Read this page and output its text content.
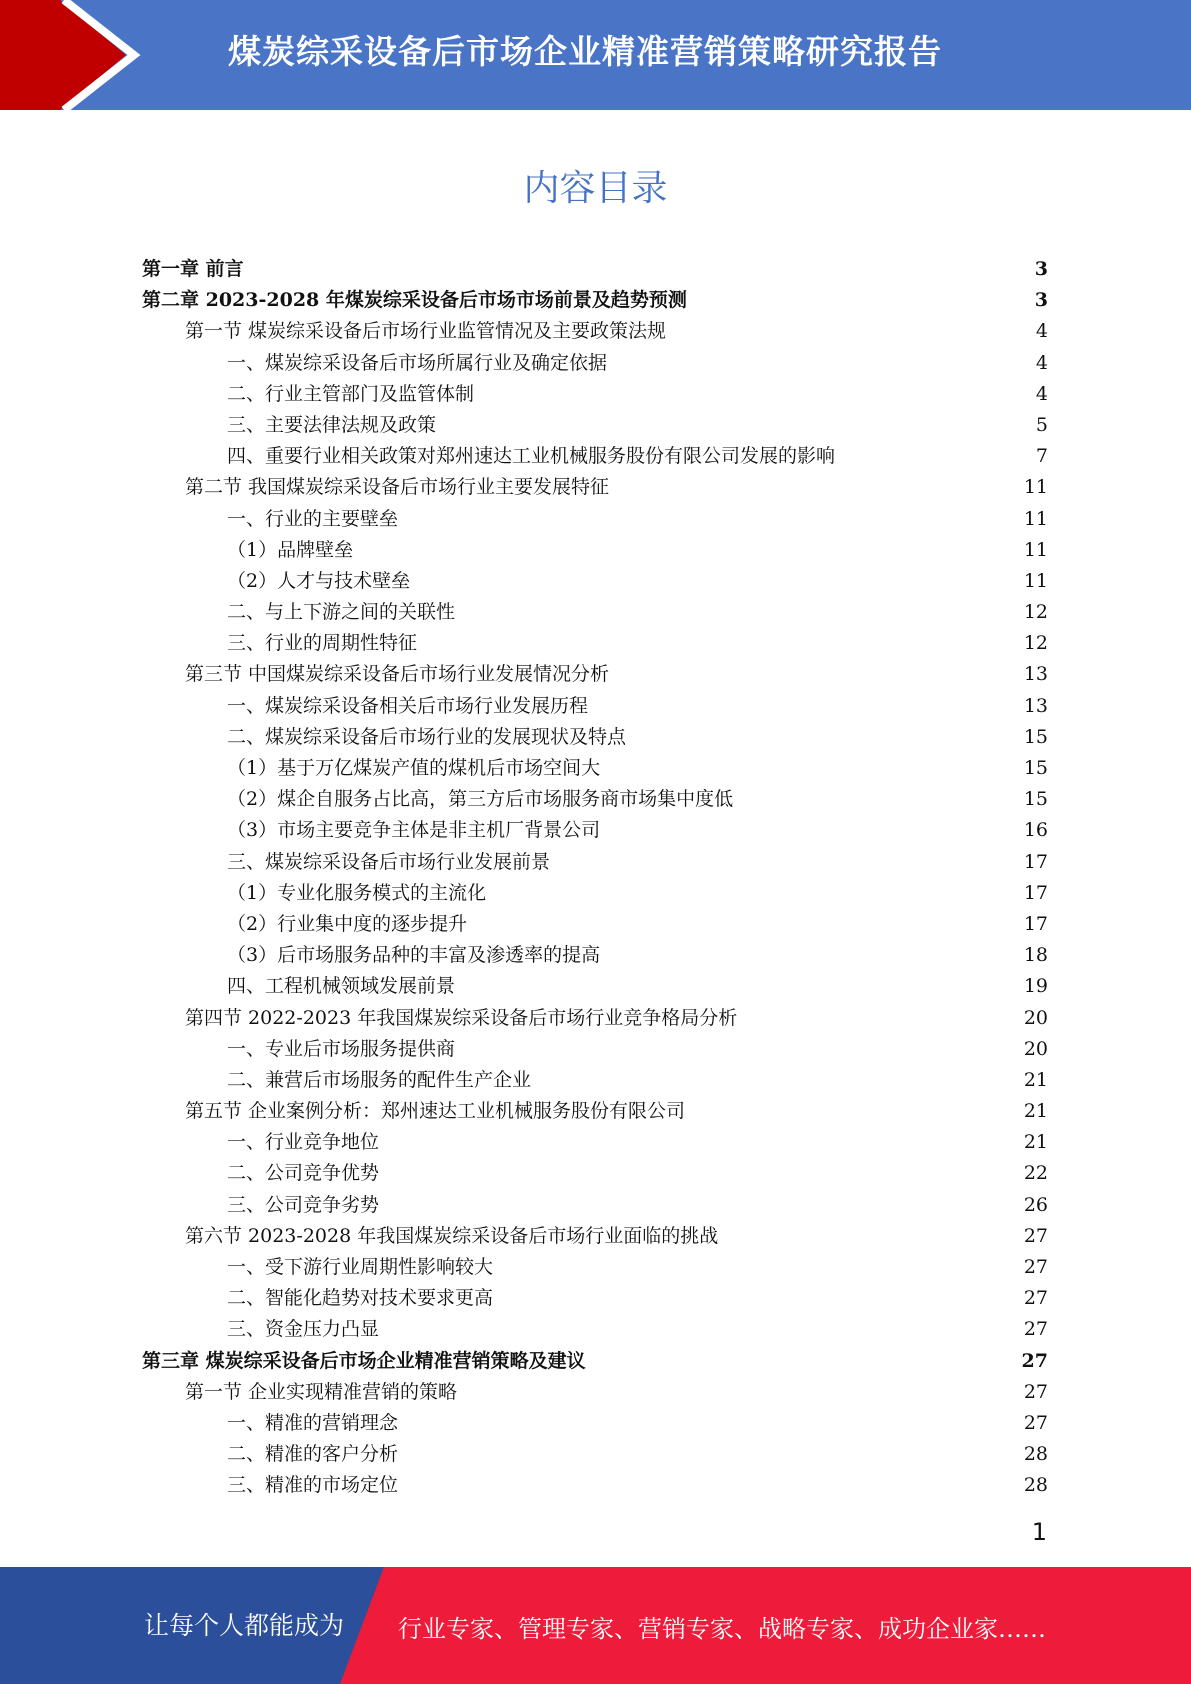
煤炭综采设备后市场企业精准营销策略研究报告
内容目录
第一章 前言	3
第二章 2023-2028 年煤炭综采设备后市场市场前景及趋势预测	3
第一节 煤炭综采设备后市场行业监管情况及主要政策法规	4
一、煤炭综采设备后市场所属行业及确定依据	4
二、行业主管部门及监管体制	4
三、主要法律法规及政策	5
四、重要行业相关政策对郑州速达工业机械服务股份有限公司发展的影响	7
第二节 我国煤炭综采设备后市场行业主要发展特征	11
一、行业的主要壁垒	11
（1）品牌壁垒	11
（2）人才与技术壁垒	11
二、与上下游之间的关联性	12
三、行业的周期性特征	12
第三节 中国煤炭综采设备后市场行业发展情况分析	13
一、煤炭综采设备相关后市场行业发展历程	13
二、煤炭综采设备后市场行业的发展现状及特点	15
（1）基于万亿煤炭产值的煤机后市场空间大	15
（2）煤企自服务占比高，第三方后市场服务商市场集中度低	15
（3）市场主要竞争主体是非主机厂背景公司	16
三、煤炭综采设备后市场行业发展前景	17
（1）专业化服务模式的主流化	17
（2）行业集中度的逐步提升	17
（3）后市场服务品种的丰富及渗透率的提高	18
四、工程机械领域发展前景	19
第四节 2022-2023 年我国煤炭综采设备后市场行业竞争格局分析	20
一、专业后市场服务提供商	20
二、兼营后市场服务的配件生产企业	21
第五节 企业案例分析：郑州速达工业机械服务股份有限公司	21
一、行业竞争地位	21
二、公司竞争优势	22
三、公司竞争劣势	26
第六节 2023-2028 年我国煤炭综采设备后市场行业面临的挑战	27
一、受下游行业周期性影响较大	27
二、智能化趋势对技术要求更高	27
三、资金压力凸显	27
第三章 煤炭综采设备后市场企业精准营销策略及建议	27
第一节 企业实现精准营销的策略	27
一、精准的营销理念	27
二、精准的客户分析	28
三、精准的市场定位	28
1
让每个人都能成为 行业专家、管理专家、营销专家、战略专家、成功企业家……
